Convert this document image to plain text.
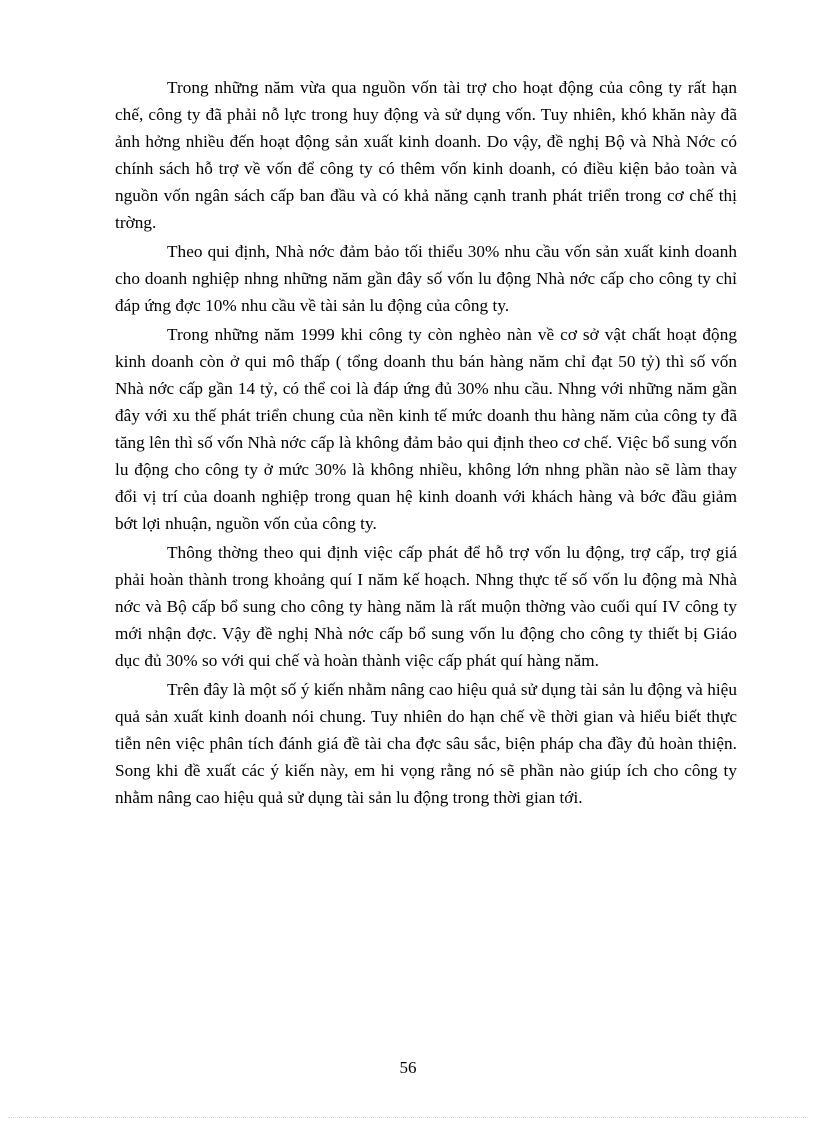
Trong những năm vừa qua nguồn vốn tài trợ cho hoạt động của công ty rất hạn chế, công ty đã phải nỗ lực trong huy động và sử dụng vốn. Tuy nhiên, khó khăn này đã ảnh hởng nhiều đến hoạt động sản xuất kinh doanh. Do vậy, đề nghị Bộ và Nhà Nớc có chính sách hỗ trợ về vốn để công ty có thêm vốn kinh doanh, có điều kiện bảo toàn và nguồn vốn ngân sách cấp ban đầu và có khả năng cạnh tranh phát triển trong cơ chế thị trờng.

Theo qui định, Nhà nớc đảm bảo tối thiểu 30% nhu cầu vốn sản xuất kinh doanh cho doanh nghiệp nhng những năm gần đây số vốn lu động Nhà nớc cấp cho công ty chỉ đáp ứng đợc 10% nhu cầu về tài sản lu động của công ty.

Trong những năm 1999 khi công ty còn nghèo nàn về cơ sở vật chất hoạt động kinh doanh còn ở qui mô thấp ( tổng doanh thu bán hàng năm chỉ đạt 50 tỷ) thì số vốn Nhà nớc cấp gần 14 tỷ, có thể coi là đáp ứng đủ 30% nhu cầu. Nhng với những năm gần đây với xu thế phát triển chung của nền kinh tế mức doanh thu hàng năm của công ty đã tăng lên thì số vốn Nhà nớc cấp là không đảm bảo qui định theo cơ chế. Việc bổ sung vốn lu động cho công ty ở mức 30% là không nhiều, không lớn nhng phần nào sẽ làm thay đổi vị trí của doanh nghiệp trong quan hệ kinh doanh với khách hàng và bớc đầu giảm bớt lợi nhuận, nguồn vốn của công ty.

Thông thờng theo qui định việc cấp phát để hỗ trợ vốn lu động, trợ cấp, trợ giá phải hoàn thành trong khoảng quí I năm kế hoạch. Nhng thực tế số vốn lu động mà Nhà nớc và Bộ cấp bổ sung cho công ty hàng năm là rất muộn thờng vào cuối quí IV công ty mới nhận đợc. Vậy đề nghị Nhà nớc cấp bổ sung vốn lu động cho công ty thiết bị Giáo dục đủ 30% so với qui chế và hoàn thành việc cấp phát quí hàng năm.

Trên đây là một số ý kiến nhằm nâng cao hiệu quả sử dụng tài sản lu động và hiệu quả sản xuất kinh doanh nói chung. Tuy nhiên do hạn chế về thời gian và hiểu biết thực tiễn nên việc phân tích đánh giá đề tài cha đợc sâu sắc, biện pháp cha đầy đủ hoàn thiện. Song khi đề xuất các ý kiến này, em hi vọng rằng nó sẽ phần nào giúp ích cho công ty nhằm nâng cao hiệu quả sử dụng tài sản lu động trong thời gian tới.

56
